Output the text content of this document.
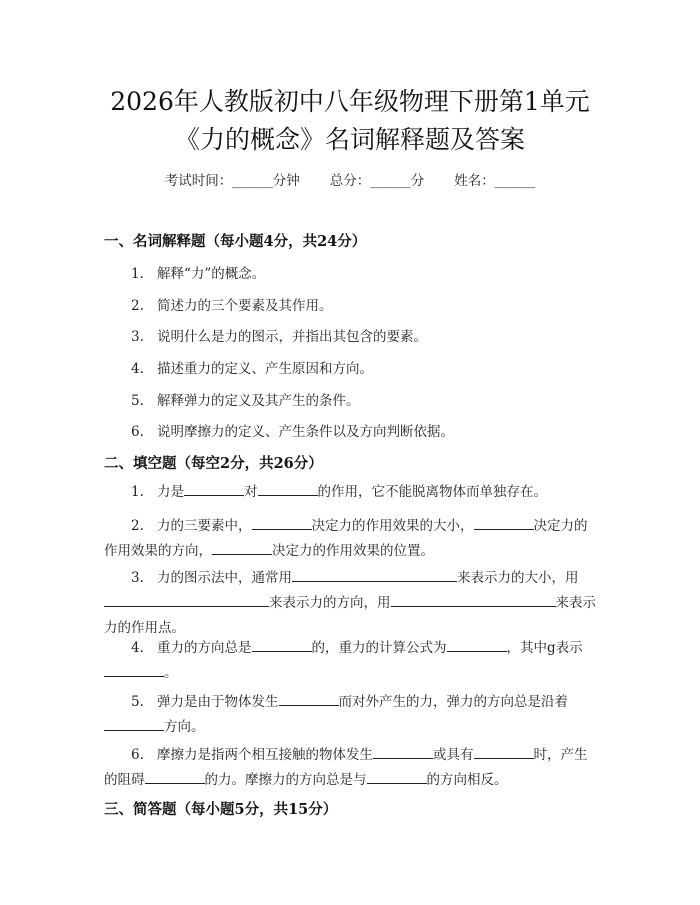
2026年人教版初中八年级物理下册第1单元
《力的概念》名词解释题及答案
考试时间：______分钟 总分：______分 姓名：______
一、名词解释题（每小题4分，共24分）
1. 解释“力”的概念。
2. 简述力的三个要素及其作用。
3. 说明什么是力的图示，并指出其包含的要素。
4. 描述重力的定义、产生原因和方向。
5. 解释弹力的定义及其产生的条件。
6. 说明摩擦力的定义、产生条件以及方向判断依据。
二、填空题（每空2分，共26分）
1. 力是	对	的作用，它不能脱离物体而单独存在。
2. 力的三要素中，	决定力的作用效果的大小，	决定力的作用效果的方向，	决定力的作用效果的位置。
3. 力的图示法中，通常用	来表示力的大小，用来表示力的方向，用	来表示力的作用点。
4. 重力的方向总是	的，重力的计算公式为	，其中g表示。
5. 弹力是由于物体发生	而对外产生的力，弹力的方向总是沿着方向。
6. 摩擦力是指两个相互接触的物体发生	或具有	时，产生的阻碍	的力。摩擦力的方向总是与	的方向相反。
三、简答题（每小题5分，共15分）
